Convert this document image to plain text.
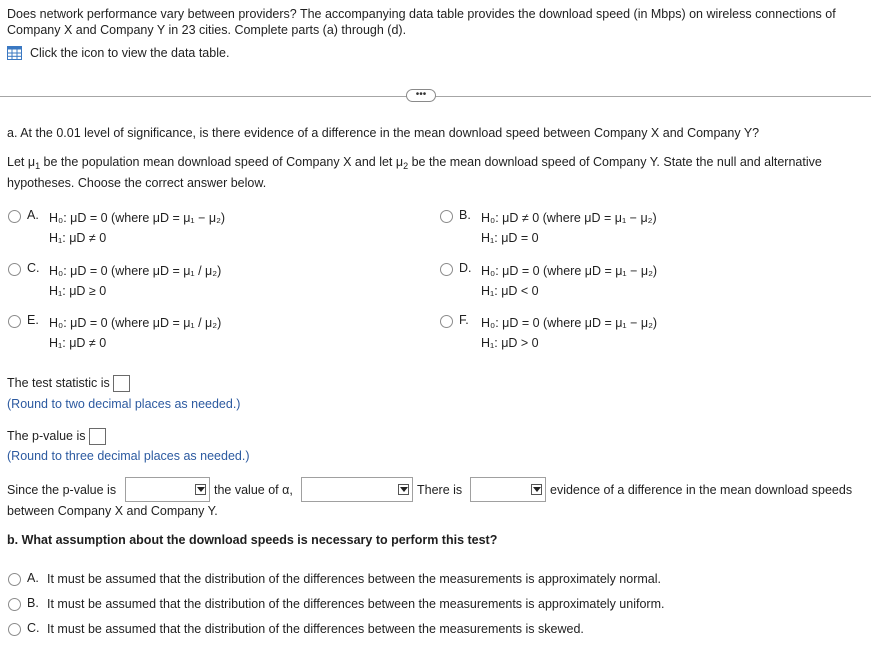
Does network performance vary between providers? The accompanying data table provides the download speed (in Mbps) on wireless connections of Company X and Company Y in 23 cities. Complete parts (a) through (d).
Click the icon to view the data table.
•••
a. At the 0.01 level of significance, is there evidence of a difference in the mean download speed between Company X and Company Y?
Let $\mu_1$ be the population mean download speed of Company X and let $\mu_2$ be the mean download speed of Company Y. State the null and alternative
hypotheses. Choose the correct answer below.
A. H₀: μD = 0 (where μD = μ₁ − μ₂)
H₁: μD ≠ 0
B. H₀: μD ≠ 0 (where μD = μ₁ − μ₂)
H₁: μD = 0
C. H₀: μD = 0 (where μD = μ₁ / μ₂)
H₁: μD ≥ 0
D. H₀: μD = 0 (where μD = μ₁ − μ₂)
H₁: μD < 0
E. H₀: μD = 0 (where μD = μ₁ / μ₂)
H₁: μD ≠ 0
F. H₀: μD = 0 (where μD = μ₁ − μ₂)
H₁: μD > 0
The test statistic is
(Round to two decimal places as needed.)
The p-value is
(Round to three decimal places as needed.)
Since the p-value is	the value of α,	There is	evidence of a difference in the mean download speeds
between Company X and Company Y.
b. What assumption about the download speeds is necessary to perform this test?
A. It must be assumed that the distribution of the differences between the measurements is approximately normal.
B. It must be assumed that the distribution of the differences between the measurements is approximately uniform.
C. It must be assumed that the distribution of the differences between the measurements is skewed.
